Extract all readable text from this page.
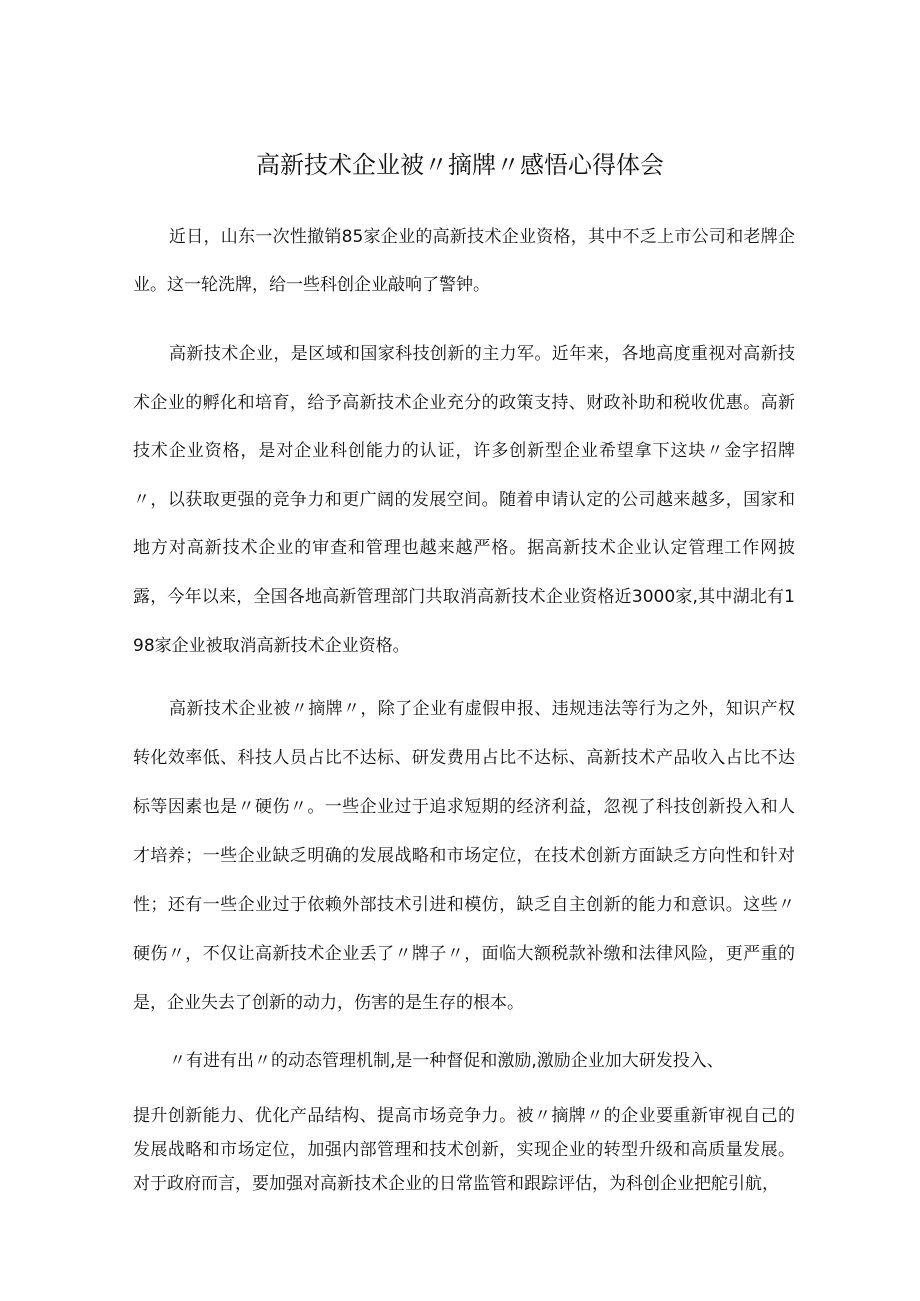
高新技术企业被〃摘牌〃感悟心得体会

近日，山东一次性撤销85家企业的高新技术企业资格，其中不乏上市公司和老牌企业。这一轮洗牌，给一些科创企业敲响了警钟。

高新技术企业，是区域和国家科技创新的主力军。近年来，各地高度重视对高新技术企业的孵化和培育，给予高新技术企业充分的政策支持、财政补助和税收优惠。高新技术企业资格，是对企业科创能力的认证，许多创新型企业希望拿下这块〃金字招牌〃，以获取更强的竞争力和更广阔的发展空间。随着申请认定的公司越来越多，国家和地方对高新技术企业的审查和管理也越来越严格。据高新技术企业认定管理工作网披露，今年以来，全国各地高新管理部门共取消高新技术企业资格近3000家,其中湖北有198家企业被取消高新技术企业资格。

高新技术企业被〃摘牌〃，除了企业有虚假申报、违规违法等行为之外，知识产权转化效率低、科技人员占比不达标、研发费用占比不达标、高新技术产品收入占比不达标等因素也是〃硬伤〃。一些企业过于追求短期的经济利益，忽视了科技创新投入和人才培养；一些企业缺乏明确的发展战略和市场定位，在技术创新方面缺乏方向性和针对性；还有一些企业过于依赖外部技术引进和模仿，缺乏自主创新的能力和意识。这些〃硬伤〃，不仅让高新技术企业丢了〃牌子〃，面临大额税款补缴和法律风险，更严重的是，企业失去了创新的动力，伤害的是生存的根本。

〃有进有出〃的动态管理机制,是一种督促和激励,激励企业加大研发投入、

提升创新能力、优化产品结构、提高市场竞争力。被〃摘牌〃的企业要重新审视自己的发展战略和市场定位，加强内部管理和技术创新，实现企业的转型升级和高质量发展。对于政府而言，要加强对高新技术企业的日常监管和跟踪评估，为科创企业把舵引航，
